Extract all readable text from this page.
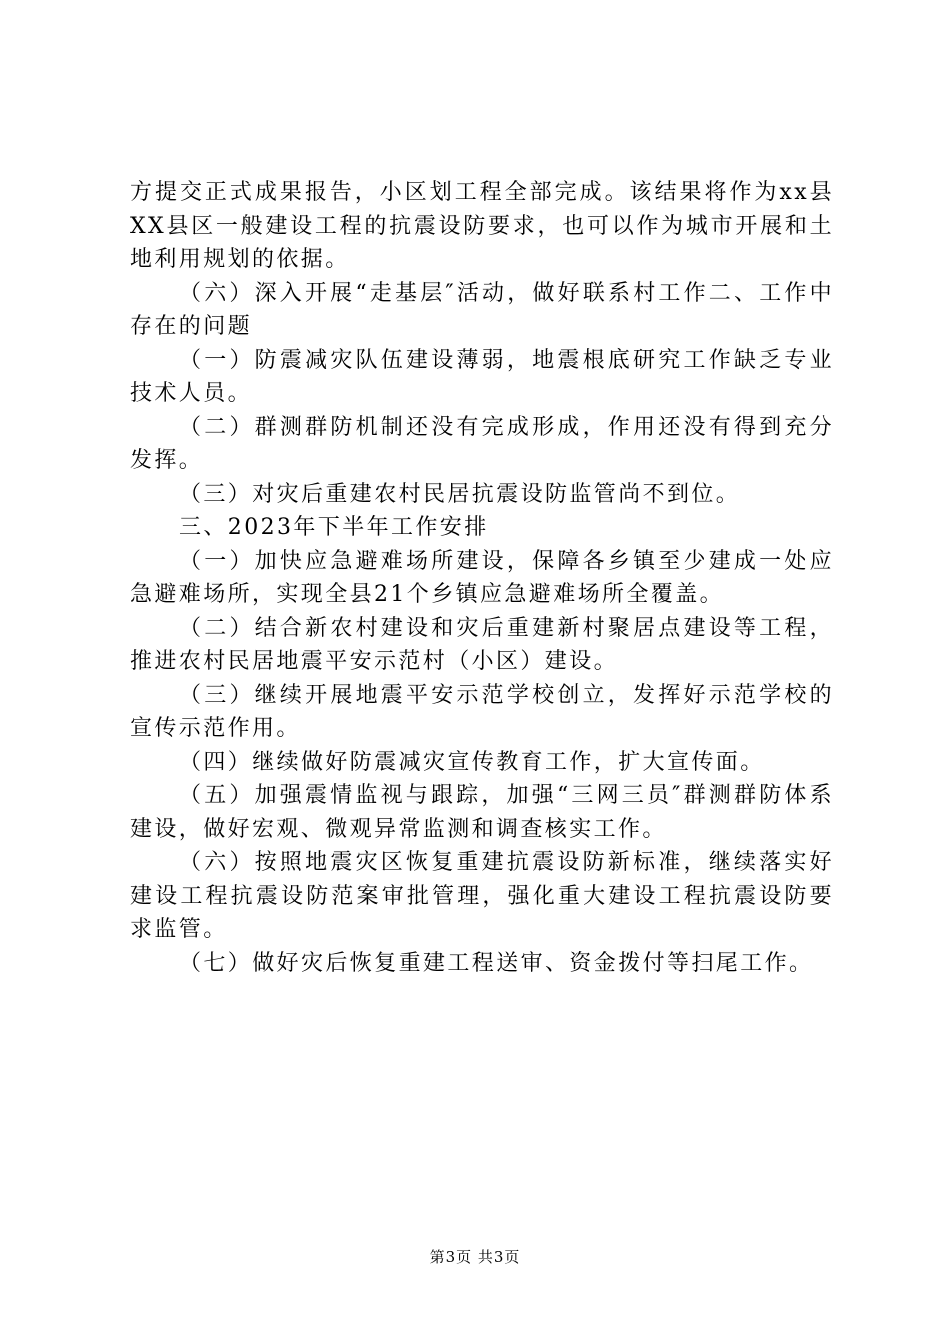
方提交正式成果报告，小区划工程全部完成。该结果将作为xx县XX县区一般建设工程的抗震设防要求，也可以作为城市开展和土地利用规划的依据。

（六）深入开展“走基层″活动，做好联系村工作二、工作中存在的问题

（一）防震减灾队伍建设薄弱，地震根底研究工作缺乏专业技术人员。

（二）群测群防机制还没有完成形成，作用还没有得到充分发挥。

（三）对灾后重建农村民居抗震设防监管尚不到位。

三、2023年下半年工作安排

（一）加快应急避难场所建设，保障各乡镇至少建成一处应急避难场所，实现全县21个乡镇应急避难场所全覆盖。

（二）结合新农村建设和灾后重建新村聚居点建设等工程，推进农村民居地震平安示范村（小区）建设。

（三）继续开展地震平安示范学校创立，发挥好示范学校的宣传示范作用。

（四）继续做好防震减灾宣传教育工作，扩大宣传面。

（五）加强震情监视与跟踪，加强“三网三员″群测群防体系建设，做好宏观、微观异常监测和调查核实工作。

（六）按照地震灾区恢复重建抗震设防新标准，继续落实好建设工程抗震设防范案审批管理，强化重大建设工程抗震设防要求监管。

（七）做好灾后恢复重建工程送审、资金拨付等扫尾工作。

第3页 共3页
